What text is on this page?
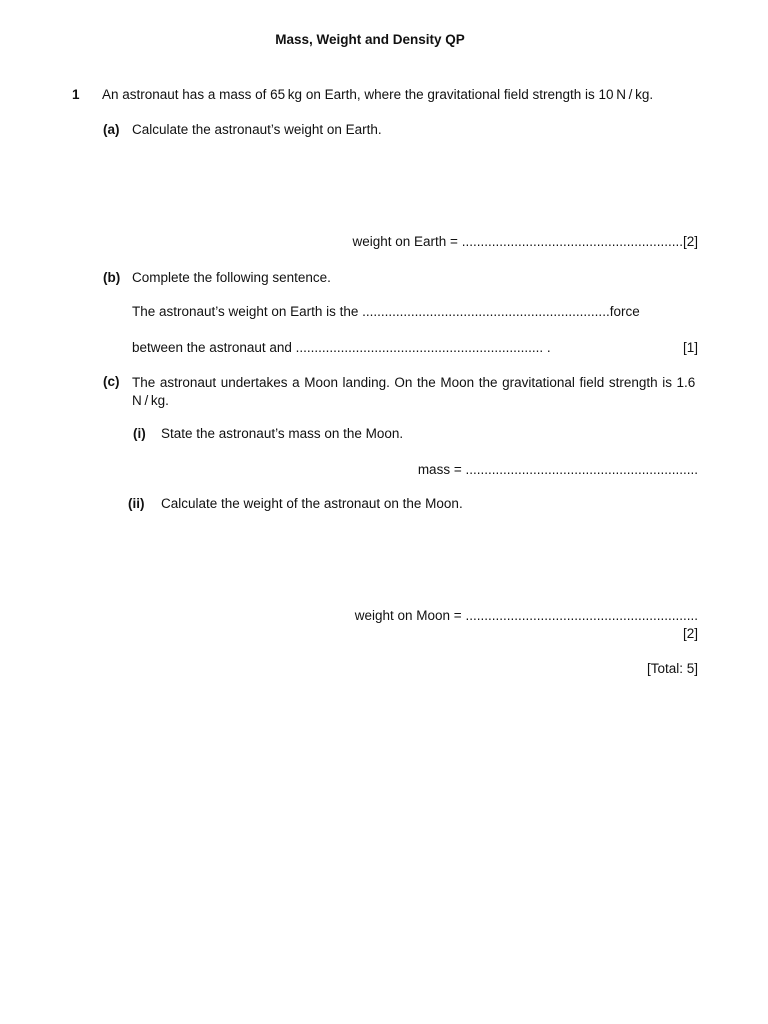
Mass, Weight and Density QP
1 An astronaut has a mass of 65 kg on Earth, where the gravitational field strength is 10 N / kg.
(a) Calculate the astronaut’s weight on Earth.
weight on Earth = ...........................................................[2]
(b) Complete the following sentence.
The astronaut’s weight on Earth is the ..................................................................force
between the astronaut and .................................................................. .	[1]
(c) The astronaut undertakes a Moon landing. On the Moon the gravitational field strength is 1.6 N / kg.
(i) State the astronaut’s mass on the Moon.
mass = ..............................................................
(ii) Calculate the weight of the astronaut on the Moon.
weight on Moon = ..............................................................
[2]
[Total: 5]
